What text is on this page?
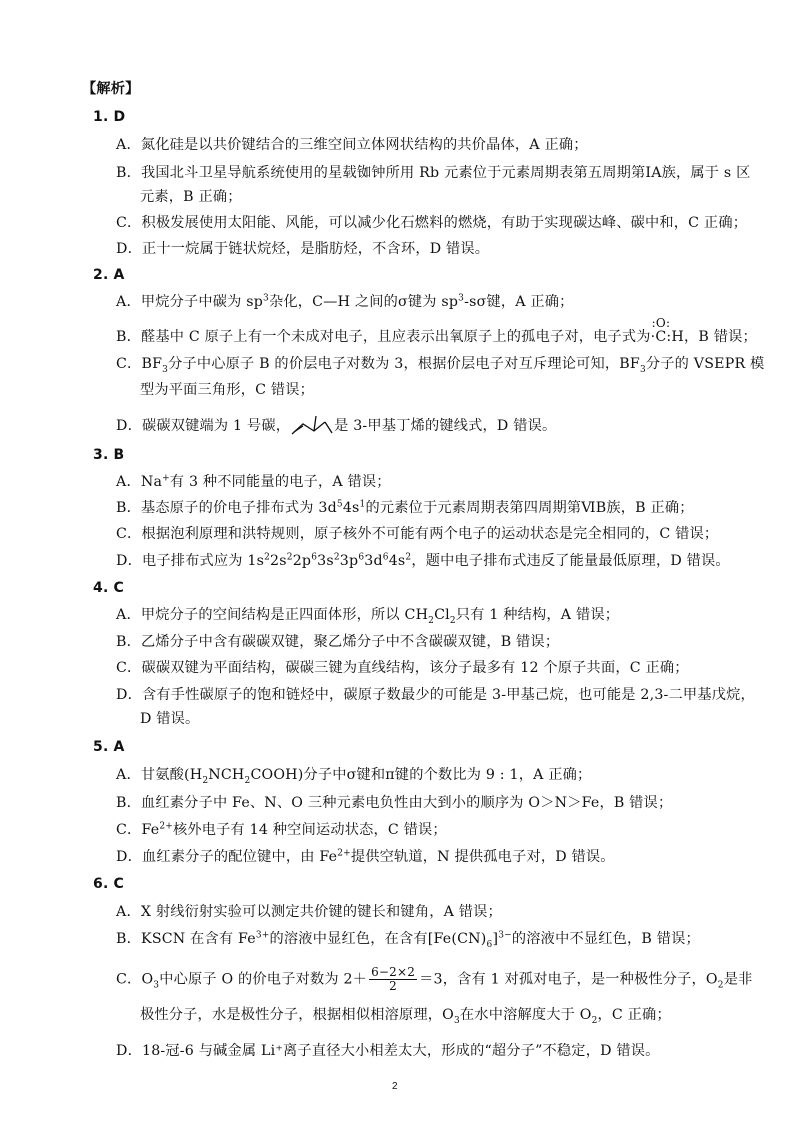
【解析】
1. D
A．氮化硅是以共价键结合的三维空间立体网状结构的共价晶体，A 正确；
B．我国北斗卫星导航系统使用的星载铷钟所用 Rb 元素位于元素周期表第五周期第ⅠA族，属于 s 区
元素，B 正确；
C．积极发展使用太阳能、风能，可以减少化石燃料的燃烧，有助于实现碳达峰、碳中和，C 正确；
D．正十一烷属于链状烷烃，是脂肪烃，不含环，D 错误。
2. A
A．甲烷分子中碳为 $sp^3$杂化，C—H 之间的σ键为 $sp^3-s\sigma$键，A 正确；
B．醛基中 C 原子上有一个未成对电子，且应表示出氧原子上的孤电子对，电子式为
:O:
·C:H，B 错误；
C．$BF_3$分子中心原子 B 的价层电子对数为 3，根据价层电子对互斥理论可知，$BF_3$分子的 VSEPR 模
型为平面三角形，C 错误；
D．碳碳双键端为 1 号碳，	是 3-甲基丁烯的键线式，D 错误。
3. B
A．Na+有 3 种不同能量的电子，A 错误；
B．基态原子的价电子排布式为 $3d^54s^1$的元素位于元素周期表第四周期第ⅥB族，B 正确；
C．根据泡利原理和洪特规则，原子核外不可能有两个电子的运动状态是完全相同的，C 错误；
D．电子排布式应为 $1s^22s^22p^63s^23p^63d^64s^2$，题中电子排布式违反了能量最低原理，D 错误。
4. C
A．甲烷分子的空间结构是正四面体形，所以 $CH_2Cl_2$只有 1 种结构，A 错误；
B．乙烯分子中含有碳碳双键，聚乙烯分子中不含碳碳双键，B 错误；
C．碳碳双键为平面结构，碳碳三键为直线结构，该分子最多有 12 个原子共面，C 正确；
D．含有手性碳原子的饱和链烃中，碳原子数最少的可能是 3-甲基己烷，也可能是 2,3-二甲基戊烷，
D 错误。
5. A
A．甘氨酸$(H_2NCH_2COOH)$分子中σ键和π键的个数比为 9 : 1，A 正确；
B．血红素分子中 Fe、N、O 三种元素电负性由大到小的顺序为 O＞N＞Fe，B 错误；
C．$Fe^{2+}$核外电子有 14 种空间运动状态，C 错误；
D．血红素分子的配位键中，由 $Fe^{2+}$提供空轨道，N 提供孤电子对，D 错误。
6. C
A．X 射线衍射实验可以测定共价键的键长和键角，A 错误；
B．KSCN 在含有 $Fe^{3+}$的溶液中显红色，在含有$[Fe(CN)_6]^{3-}$的溶液中不显红色，B 错误；
C．$O_3$中心原子 O 的价电子对数为 $2+ \frac{6-2\times 2}{2} =3$，含有 1 对孤对电子，是一种极性分子，$O_2$是非
极性分子，水是极性分子，根据相似相溶原理，$O_3$在水中溶解度大于 $O_2$，C 正确；
D．18-冠-6 与碱金属 Li⁺离子直径大小相差太大，形成的“超分子”不稳定，D 错误。
2
